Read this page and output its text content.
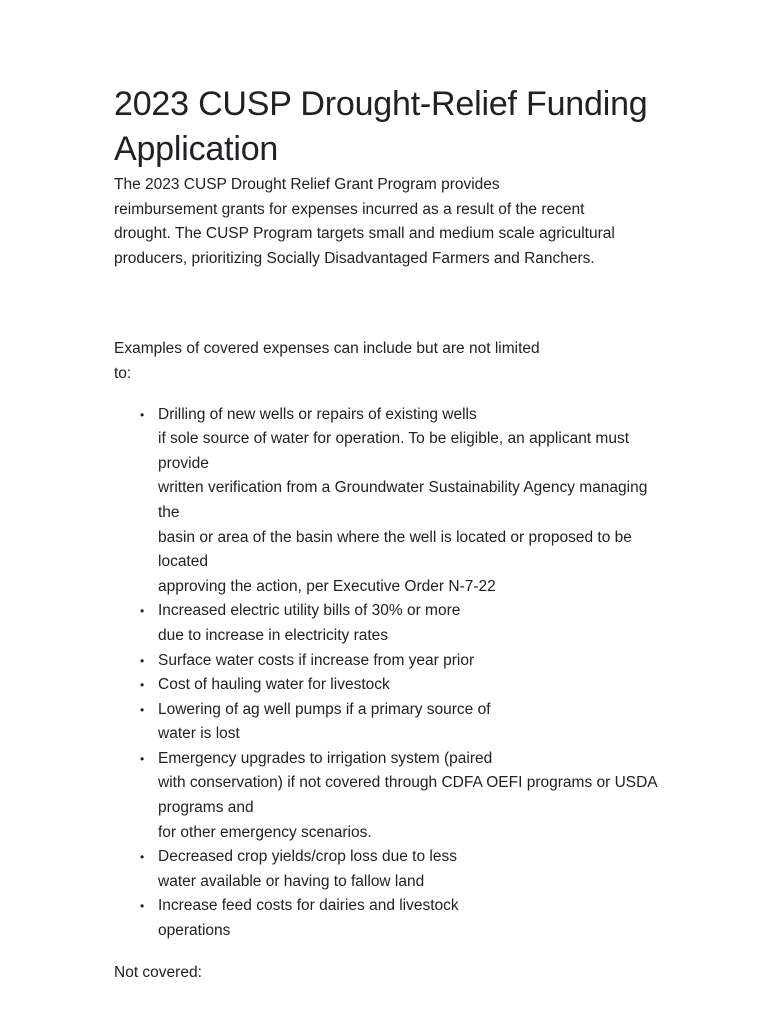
2023 CUSP Drought-Relief Funding
Application
The 2023 CUSP Drought Relief Grant Program provides
reimbursement grants for expenses incurred as a result of the recent
drought. The CUSP Program targets small and medium scale agricultural
producers, prioritizing Socially Disadvantaged Farmers and Ranchers.
Examples of covered expenses can include but are not limited
to:
• Drilling of new wells or repairs of existing wells
if sole source of water for operation. To be eligible, an applicant must
provide
written verification from a Groundwater Sustainability Agency managing
the
basin or area of the basin where the well is located or proposed to be
located
approving the action, per Executive Order N-7-22
• Increased electric utility bills of 30% or more
due to increase in electricity rates
• Surface water costs if increase from year prior
• Cost of hauling water for livestock
• Lowering of ag well pumps if a primary source of
water is lost
• Emergency upgrades to irrigation system (paired
with conservation) if not covered through CDFA OEFI programs or USDA
programs and
for other emergency scenarios.
• Decreased crop yields/crop loss due to less
water available or having to fallow land
• Increase feed costs for dairies and livestock
operations
Not covered:
